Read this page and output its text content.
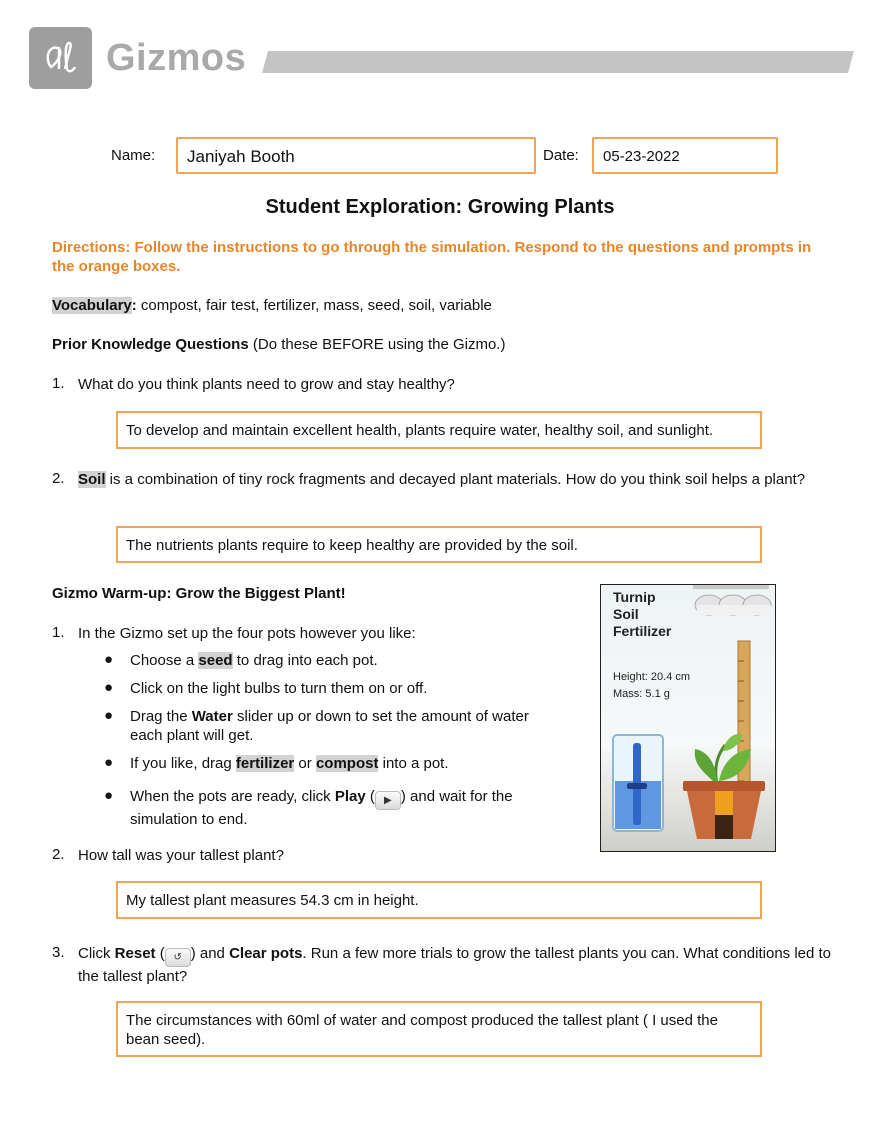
Gizmos
Name: Janiyah Booth	Date: 05-23-2022
Student Exploration: Growing Plants
Directions: Follow the instructions to go through the simulation. Respond to the questions and prompts in the orange boxes.
Vocabulary: compost, fair test, fertilizer, mass, seed, soil, variable
Prior Knowledge Questions (Do these BEFORE using the Gizmo.)
1. What do you think plants need to grow and stay healthy?
To develop and maintain excellent health, plants require water, healthy soil, and sunlight.
2. Soil is a combination of tiny rock fragments and decayed plant materials. How do you think soil helps a plant?
The nutrients plants require to keep healthy are provided by the soil.
Gizmo Warm-up: Grow the Biggest Plant!
1. In the Gizmo set up the four pots however you like:
● Choose a seed to drag into each pot.
● Click on the light bulbs to turn them on or off.
● Drag the Water slider up or down to set the amount of water each plant will get.
● If you like, drag fertilizer or compost into a pot.
● When the pots are ready, click Play ( ▶ ) and wait for the simulation to end.
2. How tall was your tallest plant?
My tallest plant measures 54.3 cm in height.
3. Click Reset ( ↺ ) and Clear pots. Run a few more trials to grow the tallest plants you can. What conditions led to the tallest plant?
The circumstances with 60ml of water and compost produced the tallest plant ( I used the bean seed).
Turnip
Soil
Fertilizer
Height: 20.4 cm
Mass: 5.1 g
